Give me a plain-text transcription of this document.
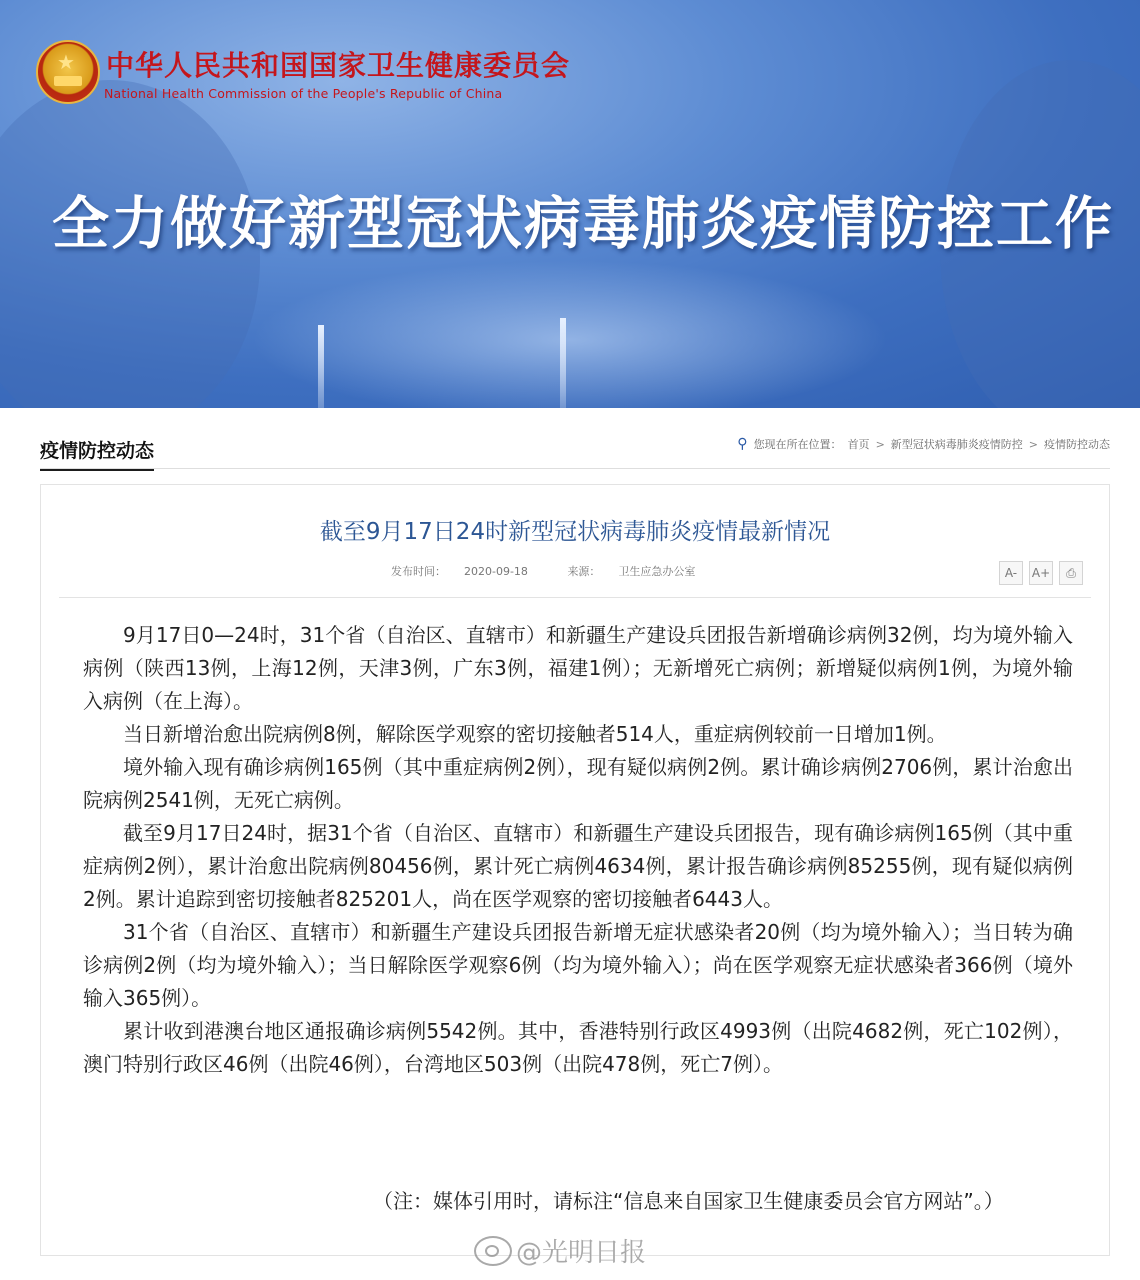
★ 中华人民共和国国家卫生健康委员会
National Health Commission of the People's Republic of China
全力做好新型冠状病毒肺炎疫情防控工作
疫情防控动态	⚲ 您现在所在位置： 首页 > 新型冠状病毒肺炎疫情防控 > 疫情防控动态
截至9月17日24时新型冠状病毒肺炎疫情最新情况
发布时间： 2020-09-18	来源： 卫生应急办公室	A-	A+	⎙

9月17日0—24时，31个省（自治区、直辖市）和新疆生产建设兵团报告新增确诊病例32例，均为境外输入病例（陕西13例，上海12例，天津3例，广东3例，福建1例）；无新增死亡病例；新增疑似病例1例，为境外输入病例（在上海）。

当日新增治愈出院病例8例，解除医学观察的密切接触者514人，重症病例较前一日增加1例。

境外输入现有确诊病例165例（其中重症病例2例），现有疑似病例2例。累计确诊病例2706例，累计治愈出院病例2541例，无死亡病例。

截至9月17日24时，据31个省（自治区、直辖市）和新疆生产建设兵团报告，现有确诊病例165例（其中重症病例2例），累计治愈出院病例80456例，累计死亡病例4634例，累计报告确诊病例85255例，现有疑似病例2例。累计追踪到密切接触者825201人，尚在医学观察的密切接触者6443人。

31个省（自治区、直辖市）和新疆生产建设兵团报告新增无症状感染者20例（均为境外输入）；当日转为确诊病例2例（均为境外输入）；当日解除医学观察6例（均为境外输入）；尚在医学观察无症状感染者366例（境外输入365例）。

累计收到港澳台地区通报确诊病例5542例。其中，香港特别行政区4993例（出院4682例，死亡102例），澳门特别行政区46例（出院46例），台湾地区503例（出院478例，死亡7例）。

（注：媒体引用时，请标注“信息来自国家卫生健康委员会官方网站”。）
@光明日报
